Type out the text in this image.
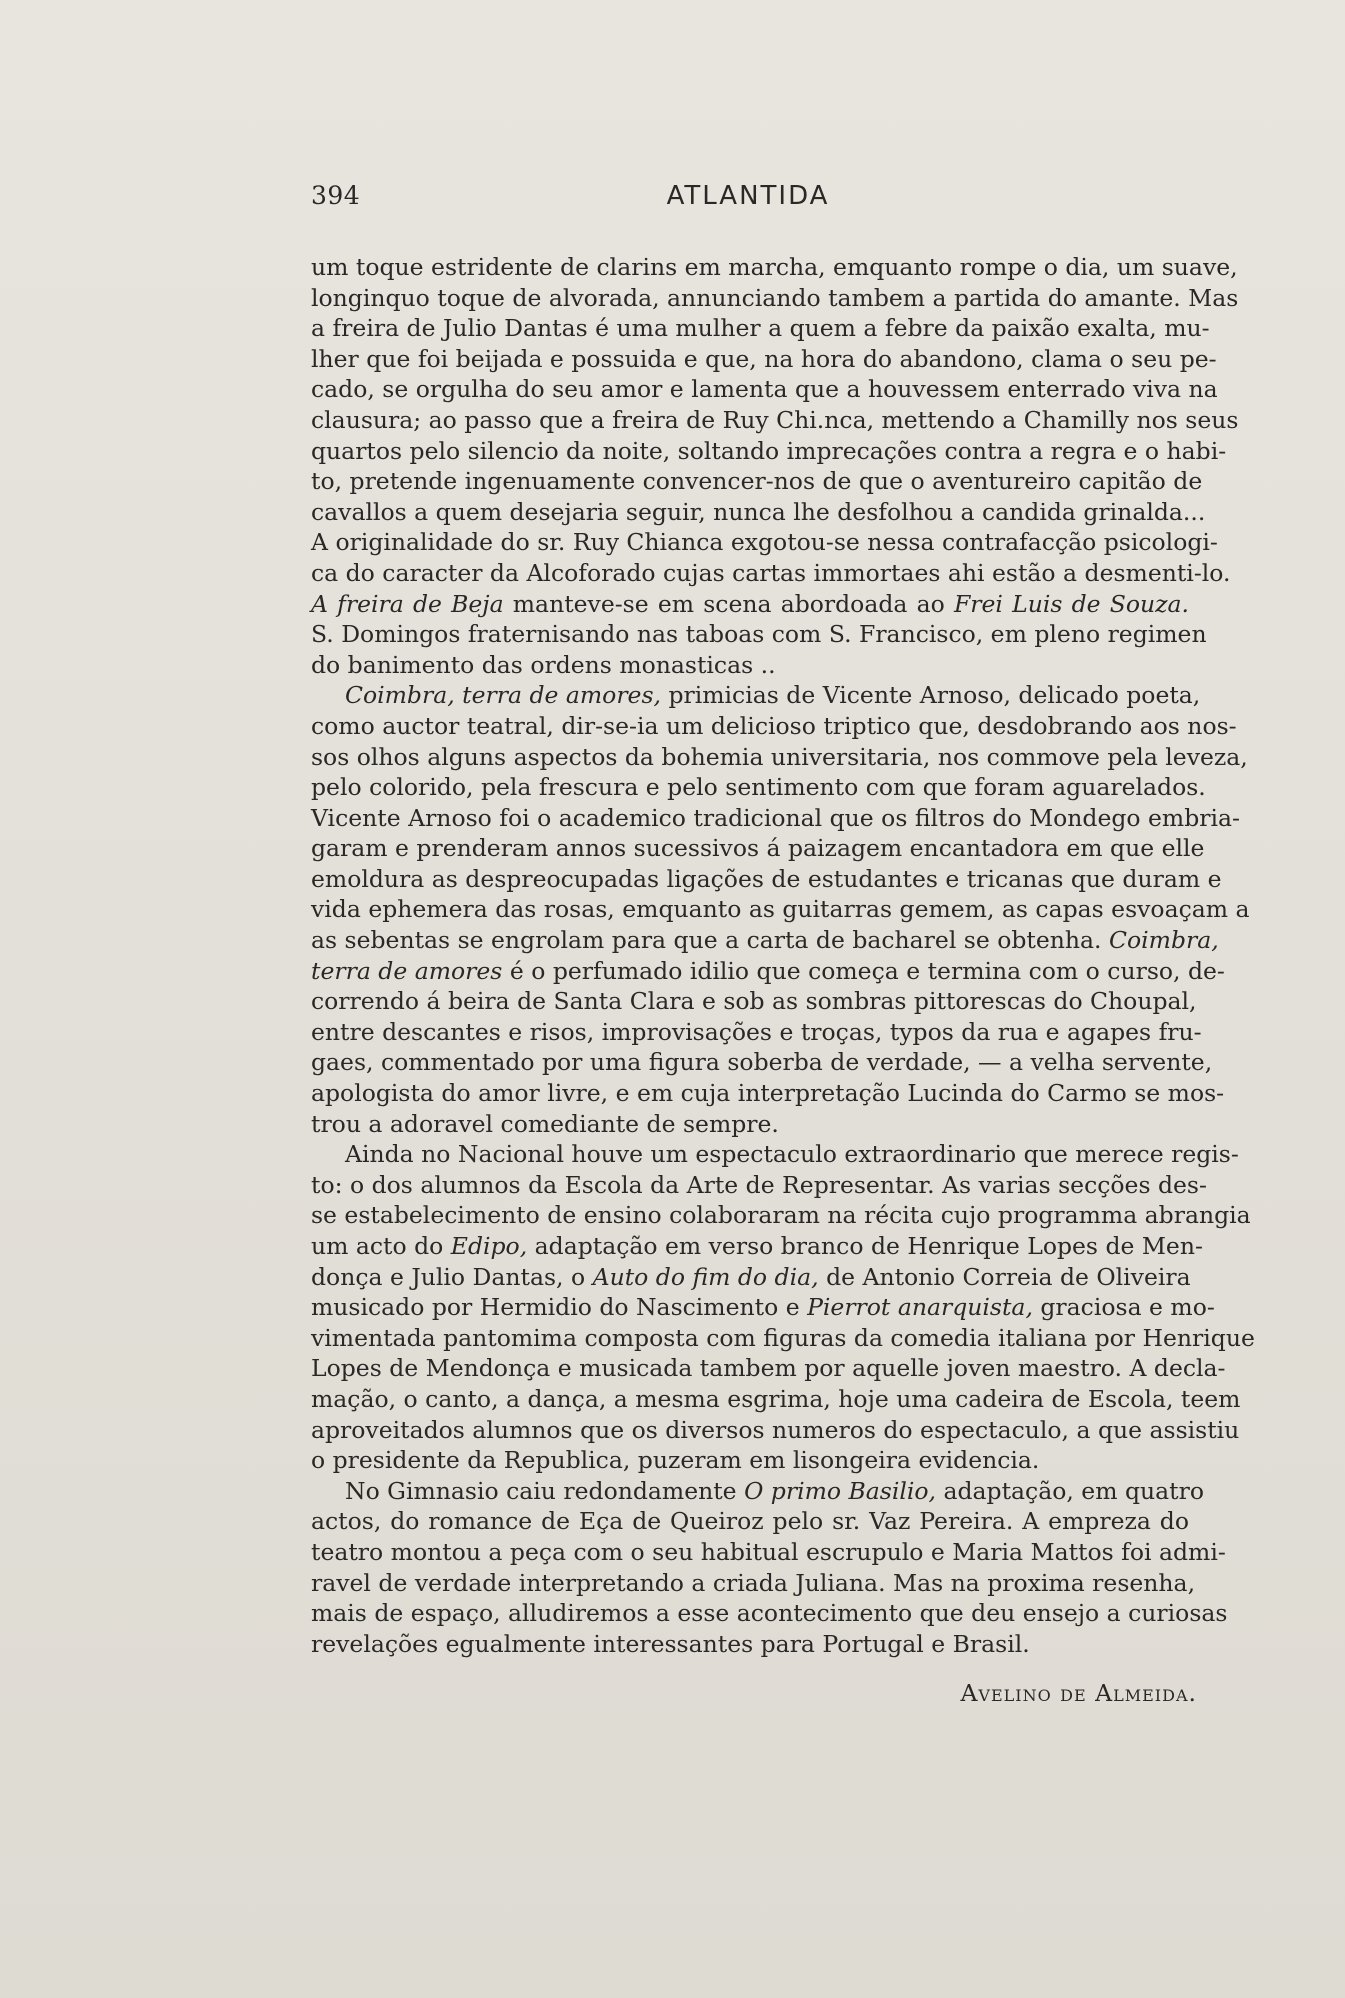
394	ATLANTIDA

um toque estridente de clarins em marcha, emquanto rompe o dia, um suave,
longinquo toque de alvorada, annunciando tambem a partida do amante. Mas
a freira de Julio Dantas é uma mulher a quem a febre da paixão exalta, mu-
lher que foi beijada e possuida e que, na hora do abandono, clama o seu pe-
cado, se orgulha do seu amor e lamenta que a houvessem enterrado viva na
clausura; ao passo que a freira de Ruy Chi.nca, mettendo a Chamilly nos seus
quartos pelo silencio da noite, soltando imprecações contra a regra e o habi-
to, pretende ingenuamente convencer-nos de que o aventureiro capitão de
cavallos a quem desejaria seguir, nunca lhe desfolhou a candida grinalda...
A originalidade do sr. Ruy Chianca exgotou-se nessa contrafacção psicologi-
ca do caracter da Alcoforado cujas cartas immortaes ahi estão a desmenti-lo.
A freira de Beja manteve-se em scena abordoada ao Frei Luis de Souza.
S. Domingos fraternisando nas taboas com S. Francisco, em pleno regimen
do banimento das ordens monasticas ..

Coimbra, terra de amores, primicias de Vicente Arnoso, delicado poeta,
como auctor teatral, dir-se-ia um delicioso triptico que, desdobrando aos nos-
sos olhos alguns aspectos da bohemia universitaria, nos commove pela leveza,
pelo colorido, pela frescura e pelo sentimento com que foram aguarelados.
Vicente Arnoso foi o academico tradicional que os filtros do Mondego embria-
garam e prenderam annos sucessivos á paizagem encantadora em que elle
emoldura as despreocupadas ligações de estudantes e tricanas que duram e
vida ephemera das rosas, emquanto as guitarras gemem, as capas esvoaçam a
as sebentas se engrolam para que a carta de bacharel se obtenha. Coimbra,
terra de amores é o perfumado idilio que começa e termina com o curso, de-
correndo á beira de Santa Clara e sob as sombras pittorescas do Choupal,
entre descantes e risos, improvisações e troças, typos da rua e agapes fru-
gaes, commentado por uma figura soberba de verdade, — a velha servente,
apologista do amor livre, e em cuja interpretação Lucinda do Carmo se mos-
trou a adoravel comediante de sempre.

Ainda no Nacional houve um espectaculo extraordinario que merece regis-
to: o dos alumnos da Escola da Arte de Representar. As varias secções des-
se estabelecimento de ensino colaboraram na récita cujo programma abrangia
um acto do Edipo, adaptação em verso branco de Henrique Lopes de Men-
donça e Julio Dantas, o Auto do fim do dia, de Antonio Correia de Oliveira
musicado por Hermidio do Nascimento e Pierrot anarquista, graciosa e mo-
vimentada pantomima composta com figuras da comedia italiana por Henrique
Lopes de Mendonça e musicada tambem por aquelle joven maestro. A decla-
mação, o canto, a dança, a mesma esgrima, hoje uma cadeira de Escola, teem
aproveitados alumnos que os diversos numeros do espectaculo, a que assistiu
o presidente da Republica, puzeram em lisongeira evidencia.

No Gimnasio caiu redondamente O primo Basilio, adaptação, em quatro
actos, do romance de Eça de Queiroz pelo sr. Vaz Pereira. A empreza do
teatro montou a peça com o seu habitual escrupulo e Maria Mattos foi admi-
ravel de verdade interpretando a criada Juliana. Mas na proxima resenha,
mais de espaço, alludiremos a esse acontecimento que deu ensejo a curiosas
revelações egualmente interessantes para Portugal e Brasil.

Avelino de Almeida.
